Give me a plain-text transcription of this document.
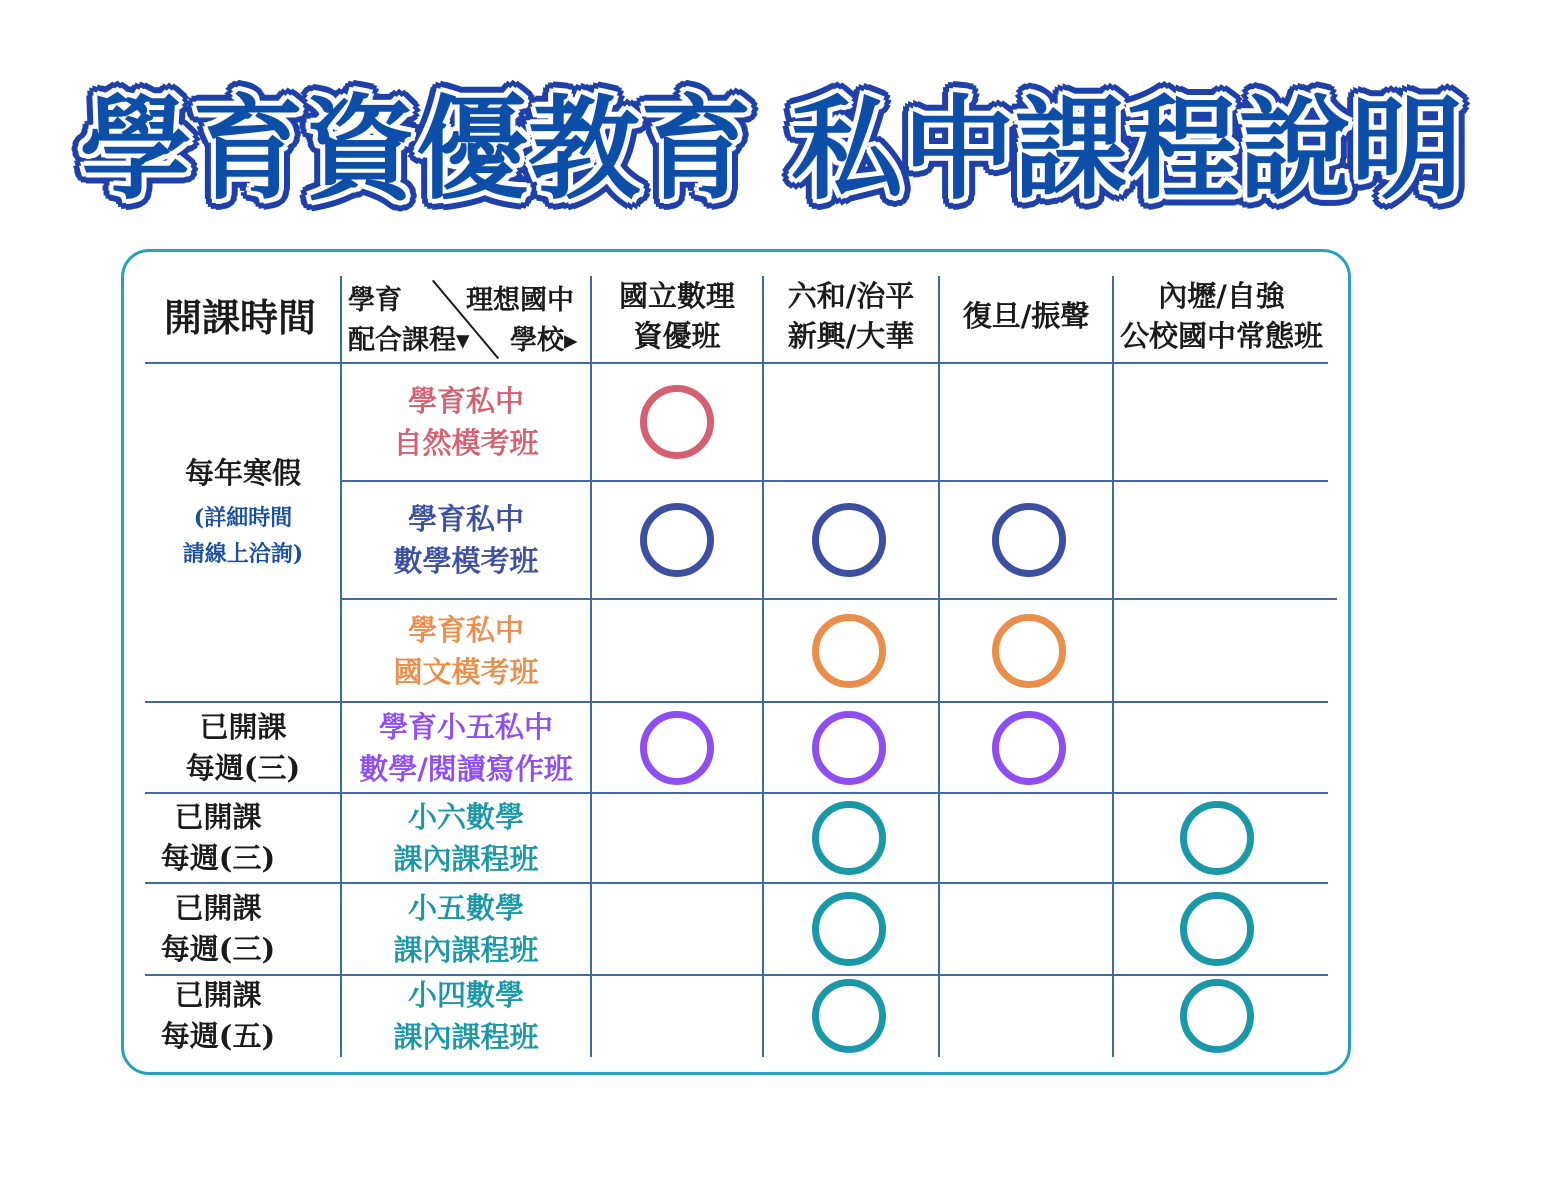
學育資優教育 私中課程說明
學育 理想國中
配合課程▾ 學校▸
開課時間	國立數理
資優班
六和/治平
新興/大華
復旦/振聲
內壢/自強
公校國中常態班
每年寒假
(詳細時間
請線上洽詢)
已開課
每週(三)
已開課
每週(三)
已開課
每週(三)
已開課
每週(五)
學育私中
自然模考班
學育私中
數學模考班
學育私中
國文模考班
學育小五私中
數學/閱讀寫作班
小六數學
課內課程班
小五數學
課內課程班
小四數學
課內課程班
